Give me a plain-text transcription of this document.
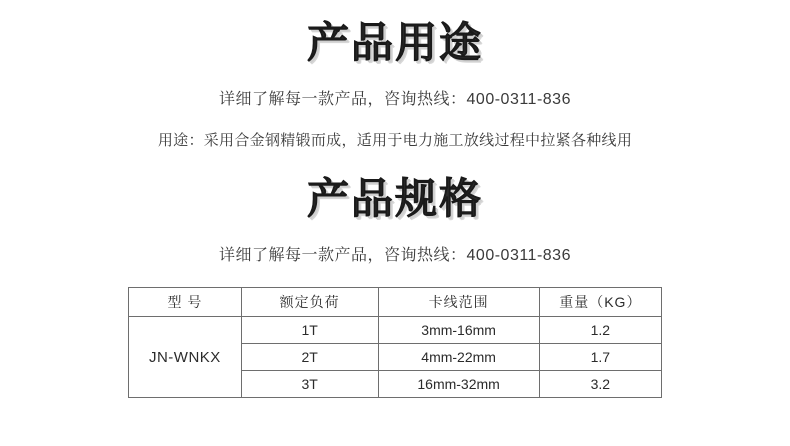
产品用途
详细了解每一款产品，咨询热线：400-0311-836
用途：采用合金钢精锻而成，适用于电力施工放线过程中拉紧各种线用
产品规格
详细了解每一款产品，咨询热线：400-0311-836
型 号	额定负荷	卡线范围	重量（KG）
JN-WNKX	1T	3mm-16mm	1.2
	2T	4mm-22mm	1.7
	3T	16mm-32mm	3.2
